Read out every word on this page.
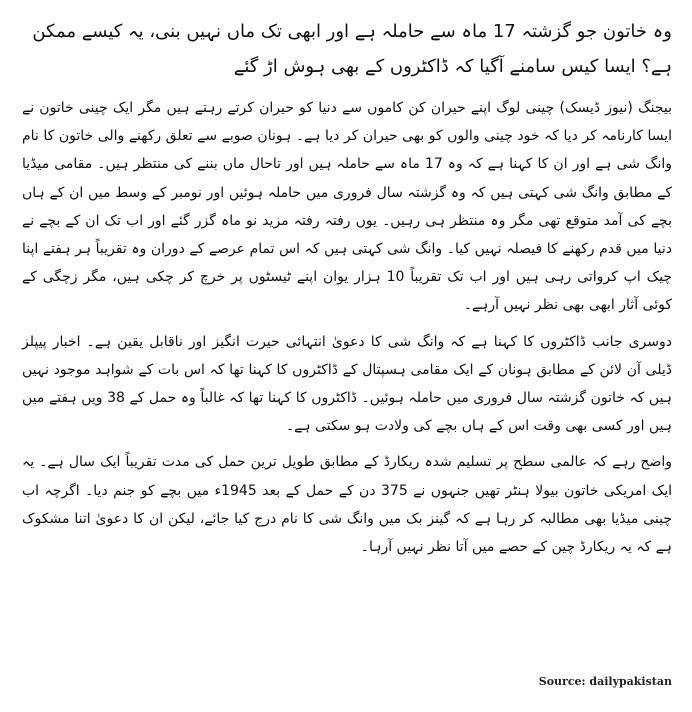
وہ خاتون جو گزشتہ 17 ماہ سے حاملہ ہے اور ابھی تک ماں نہیں بنی، یہ کیسے ممکن ہے؟ ایسا کیس سامنے آگیا کہ ڈاکٹروں کے بھی ہوش اڑ گئے

بیجنگ (نیوز ڈیسک) چینی لوگ اپنے حیران کن کاموں سے دنیا کو حیران کرتے رہتے ہیں مگر ایک چینی خاتون نے ایسا کارنامہ کر دیا کہ خود چینی والوں کو بھی حیران کر دیا ہے۔ ہونان صوبے سے تعلق رکھنے والی خاتون کا نام وانگ شی ہے اور ان کا کہنا ہے کہ وہ 17 ماہ سے حاملہ ہیں اور تاحال ماں بننے کی منتظر ہیں۔ مقامی میڈیا کے مطابق وانگ شی کہتی ہیں کہ وہ گزشتہ سال فروری میں حاملہ ہوئیں اور نومبر کے وسط میں ان کے ہاں بچے کی آمد متوقع تھی مگر وہ منتظر ہی رہیں۔ یوں رفتہ رفتہ مزید نو ماہ گزر گئے اور اب تک ان کے بچے نے دنیا میں قدم رکھنے کا فیصلہ نہیں کیا۔ وانگ شی کہتی ہیں کہ اس تمام عرصے کے دوران وہ تقریباً ہر ہفتے اپنا چیک اپ کرواتی رہی ہیں اور اب تک تقریباً 10 ہزار یوان اپنے ٹیسٹوں پر خرچ کر چکی ہیں، مگر زچگی کے کوئی آثار ابھی بھی نظر نہیں آرہے۔

دوسری جانب ڈاکٹروں کا کہنا ہے کہ وانگ شی کا دعویٰ انتہائی حیرت انگیز اور ناقابل یقین ہے۔ اخبار پیپلز ڈیلی آن لائن کے مطابق ہونان کے ایک مقامی ہسپتال کے ڈاکٹروں کا کہنا تھا کہ اس بات کے شواہد موجود نہیں ہیں کہ خاتون گزشتہ سال فروری میں حاملہ ہوئیں۔ ڈاکٹروں کا کہنا تھا کہ غالباً وہ حمل کے 38 ویں ہفتے میں ہیں اور کسی بھی وقت اس کے ہاں بچے کی ولادت ہو سکتی ہے۔

واضح رہے کہ عالمی سطح پر تسلیم شدہ ریکارڈ کے مطابق طویل ترین حمل کی مدت تقریباً ایک سال ہے۔ یہ ایک امریکی خاتون بیولا ہنٹر تھیں جنہوں نے 375 دن کے حمل کے بعد 1945ء میں بچے کو جنم دیا۔ اگرچہ اب چینی میڈیا بھی مطالبہ کر رہا ہے کہ گینز بک میں وانگ شی کا نام درج کیا جائے، لیکن ان کا دعویٰ اتنا مشکوک ہے کہ یہ ریکارڈ چین کے حصے میں آتا نظر نہیں آرہا۔

Source: dailypakistan
